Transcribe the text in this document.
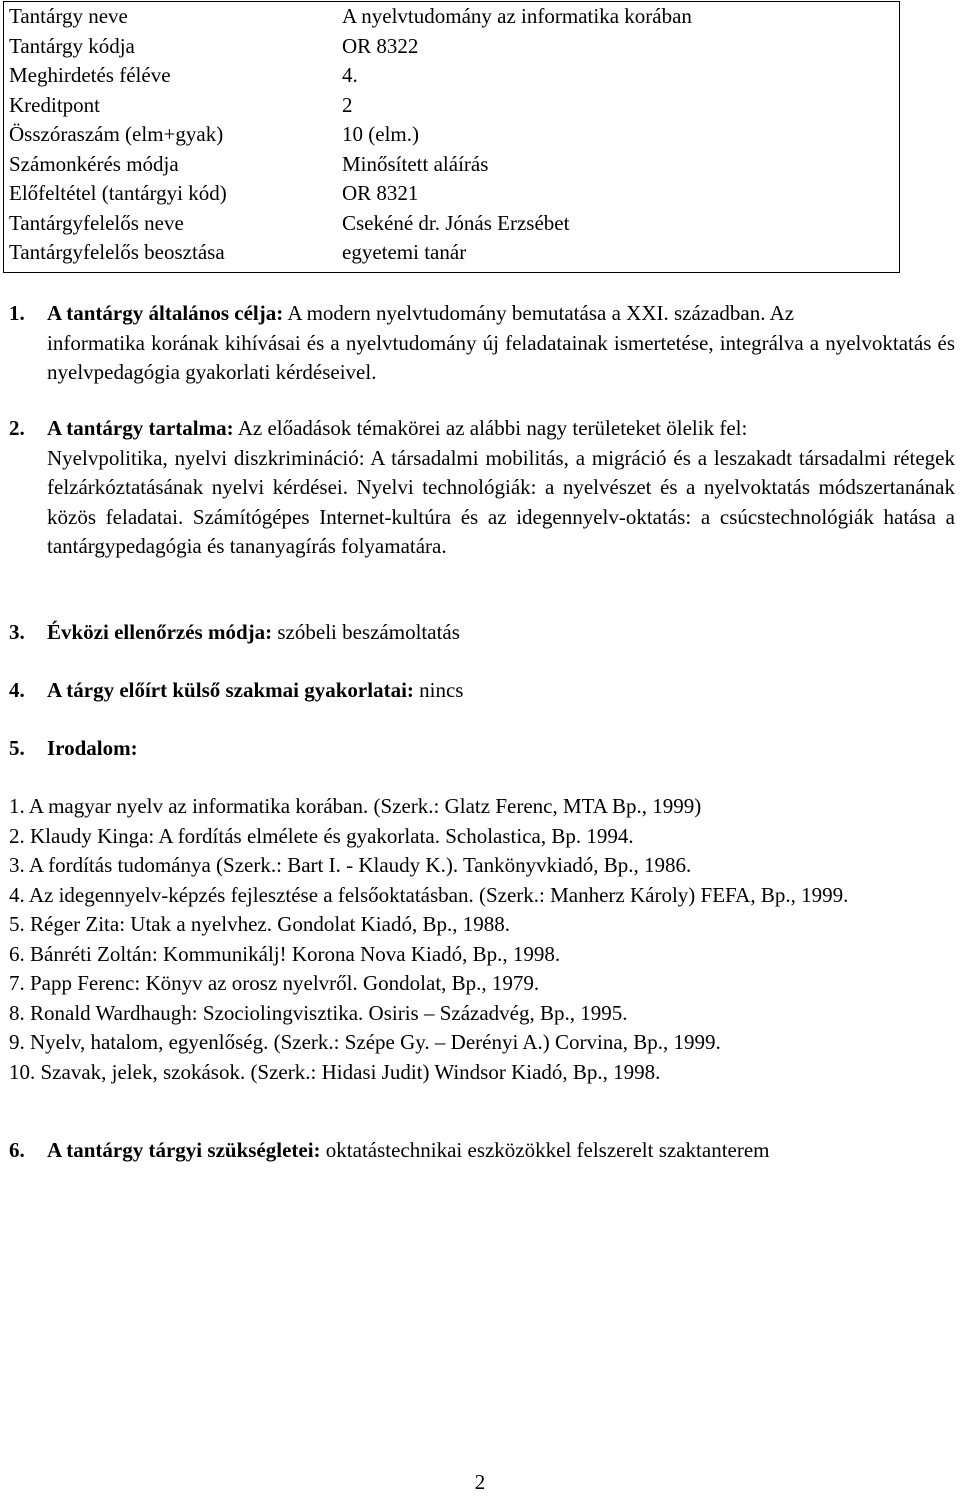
Tantárgy neve	A nyelvtudomány az informatika korában
Tantárgy kódja	OR 8322
Meghirdetés féléve	4.
Kreditpont	2
Összóraszám (elm+gyak)	10 (elm.)
Számonkérés módja	Minősített aláírás
Előfeltétel (tantárgyi kód)	OR 8321
Tantárgyfelelős neve	Csekéné dr. Jónás Erzsébet
Tantárgyfelelős beosztása	egyetemi tanár

1. A tantárgy általános célja: A modern nyelvtudomány bemutatása a XXI. században. Az

informatika korának kihívásai és a nyelvtudomány új feladatainak ismertetése, integrálva a nyelvoktatás és nyelvpedagógia gyakorlati kérdéseivel.

2. A tantárgy tartalma: Az előadások témakörei az alábbi nagy területeket ölelik fel:

Nyelvpolitika, nyelvi diszkrimináció: A társadalmi mobilitás, a migráció és a leszakadt társadalmi rétegek felzárkóztatásának nyelvi kérdései. Nyelvi technológiák: a nyelvészet és a nyelvoktatás módszertanának közös feladatai. Számítógépes Internet-kultúra és az idegennyelv-oktatás: a csúcstechnológiák hatása a tantárgypedagógia és tananyagírás folyamatára.

3. Évközi ellenőrzés módja: szóbeli beszámoltatás

4. A tárgy előírt külső szakmai gyakorlatai: nincs

5. Irodalom:

1. A magyar nyelv az informatika korában. (Szerk.: Glatz Ferenc, MTA Bp., 1999)

2. Klaudy Kinga: A fordítás elmélete és gyakorlata. Scholastica, Bp. 1994.

3. A fordítás tudománya (Szerk.: Bart I. - Klaudy K.). Tankönyvkiadó, Bp., 1986.

4. Az idegennyelv-képzés fejlesztése a felsőoktatásban. (Szerk.: Manherz Károly) FEFA, Bp., 1999.

5. Réger Zita: Utak a nyelvhez. Gondolat Kiadó, Bp., 1988.

6. Bánréti Zoltán: Kommunikálj! Korona Nova Kiadó, Bp., 1998.

7. Papp Ferenc: Könyv az orosz nyelvről. Gondolat, Bp., 1979.

8. Ronald Wardhaugh: Szociolingvisztika. Osiris – Századvég, Bp., 1995.

9. Nyelv, hatalom, egyenlőség. (Szerk.: Szépe Gy. – Derényi A.) Corvina, Bp., 1999.

10. Szavak, jelek, szokások. (Szerk.: Hidasi Judit) Windsor Kiadó, Bp., 1998.

6. A tantárgy tárgyi szükségletei: oktatástechnikai eszközökkel felszerelt szaktanterem

2
